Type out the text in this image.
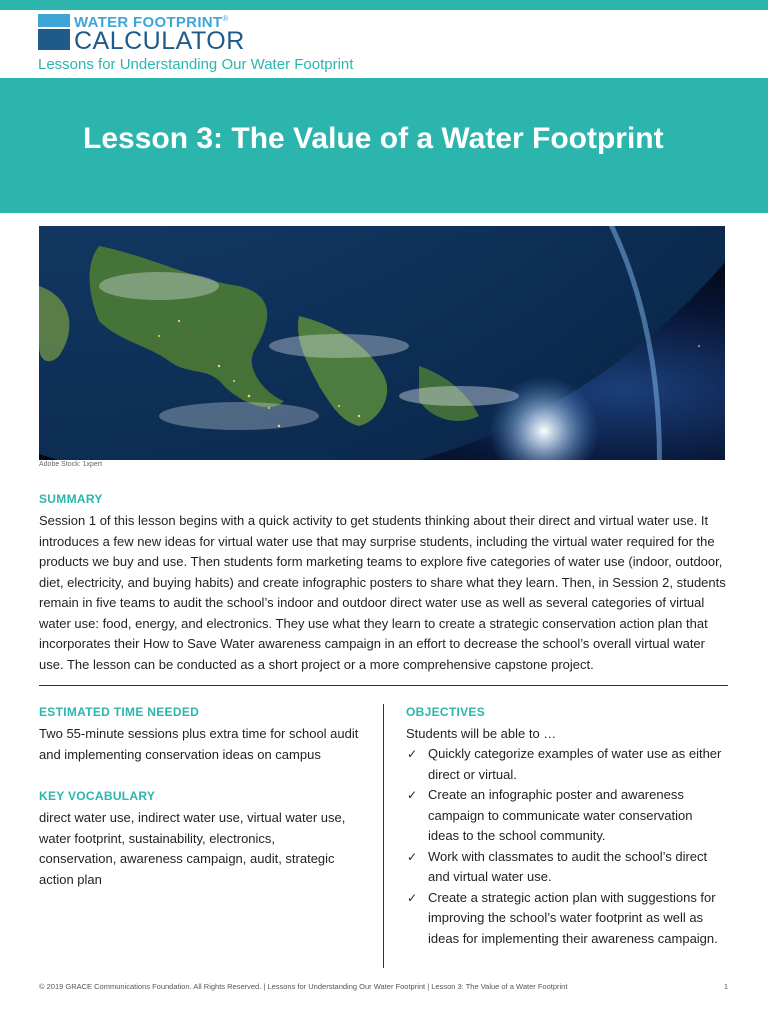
WATER FOOTPRINT®
CALCULATOR
Lessons for Understanding Our Water Footprint
Lesson 3: The Value of a Water Footprint
Adobe Stock: 1xpert
SUMMARY
Session 1 of this lesson begins with a quick activity to get students thinking about their direct and virtual water use. It
introduces a few new ideas for virtual water use that may surprise students, including the virtual water required for the
products we buy and use. Then students form marketing teams to explore five categories of water use (indoor, outdoor,
diet, electricity, and buying habits) and create infographic posters to share what they learn. Then, in Session 2, students
remain in five teams to audit the school’s indoor and outdoor direct water use as well as several categories of virtual
water use: food, energy, and electronics. They use what they learn to create a strategic conservation action plan that
incorporates their How to Save Water awareness campaign in an effort to decrease the school’s overall virtual water
use. The lesson can be conducted as a short project or a more comprehensive capstone project.
ESTIMATED TIME NEEDED
Two 55-minute sessions plus extra time for school audit
and implementing conservation ideas on campus
KEY VOCABULARY
direct water use, indirect water use, virtual water use,
water footprint, sustainability, electronics,
conservation, awareness campaign, audit, strategic
action plan
OBJECTIVES
Students will be able to …
✓ Quickly categorize examples of water use as either
direct or virtual.
✓ Create an infographic poster and awareness
campaign to communicate water conservation
ideas to the school community.
✓ Work with classmates to audit the school’s direct
and virtual water use.
✓ Create a strategic action plan with suggestions for
improving the school’s water footprint as well as
ideas for implementing their awareness campaign.
© 2019 GRACE Communications Foundation. All Rights Reserved. | Lessons for Understanding Our Water Footprint | Lesson 3: The Value of a Water Footprint	1
